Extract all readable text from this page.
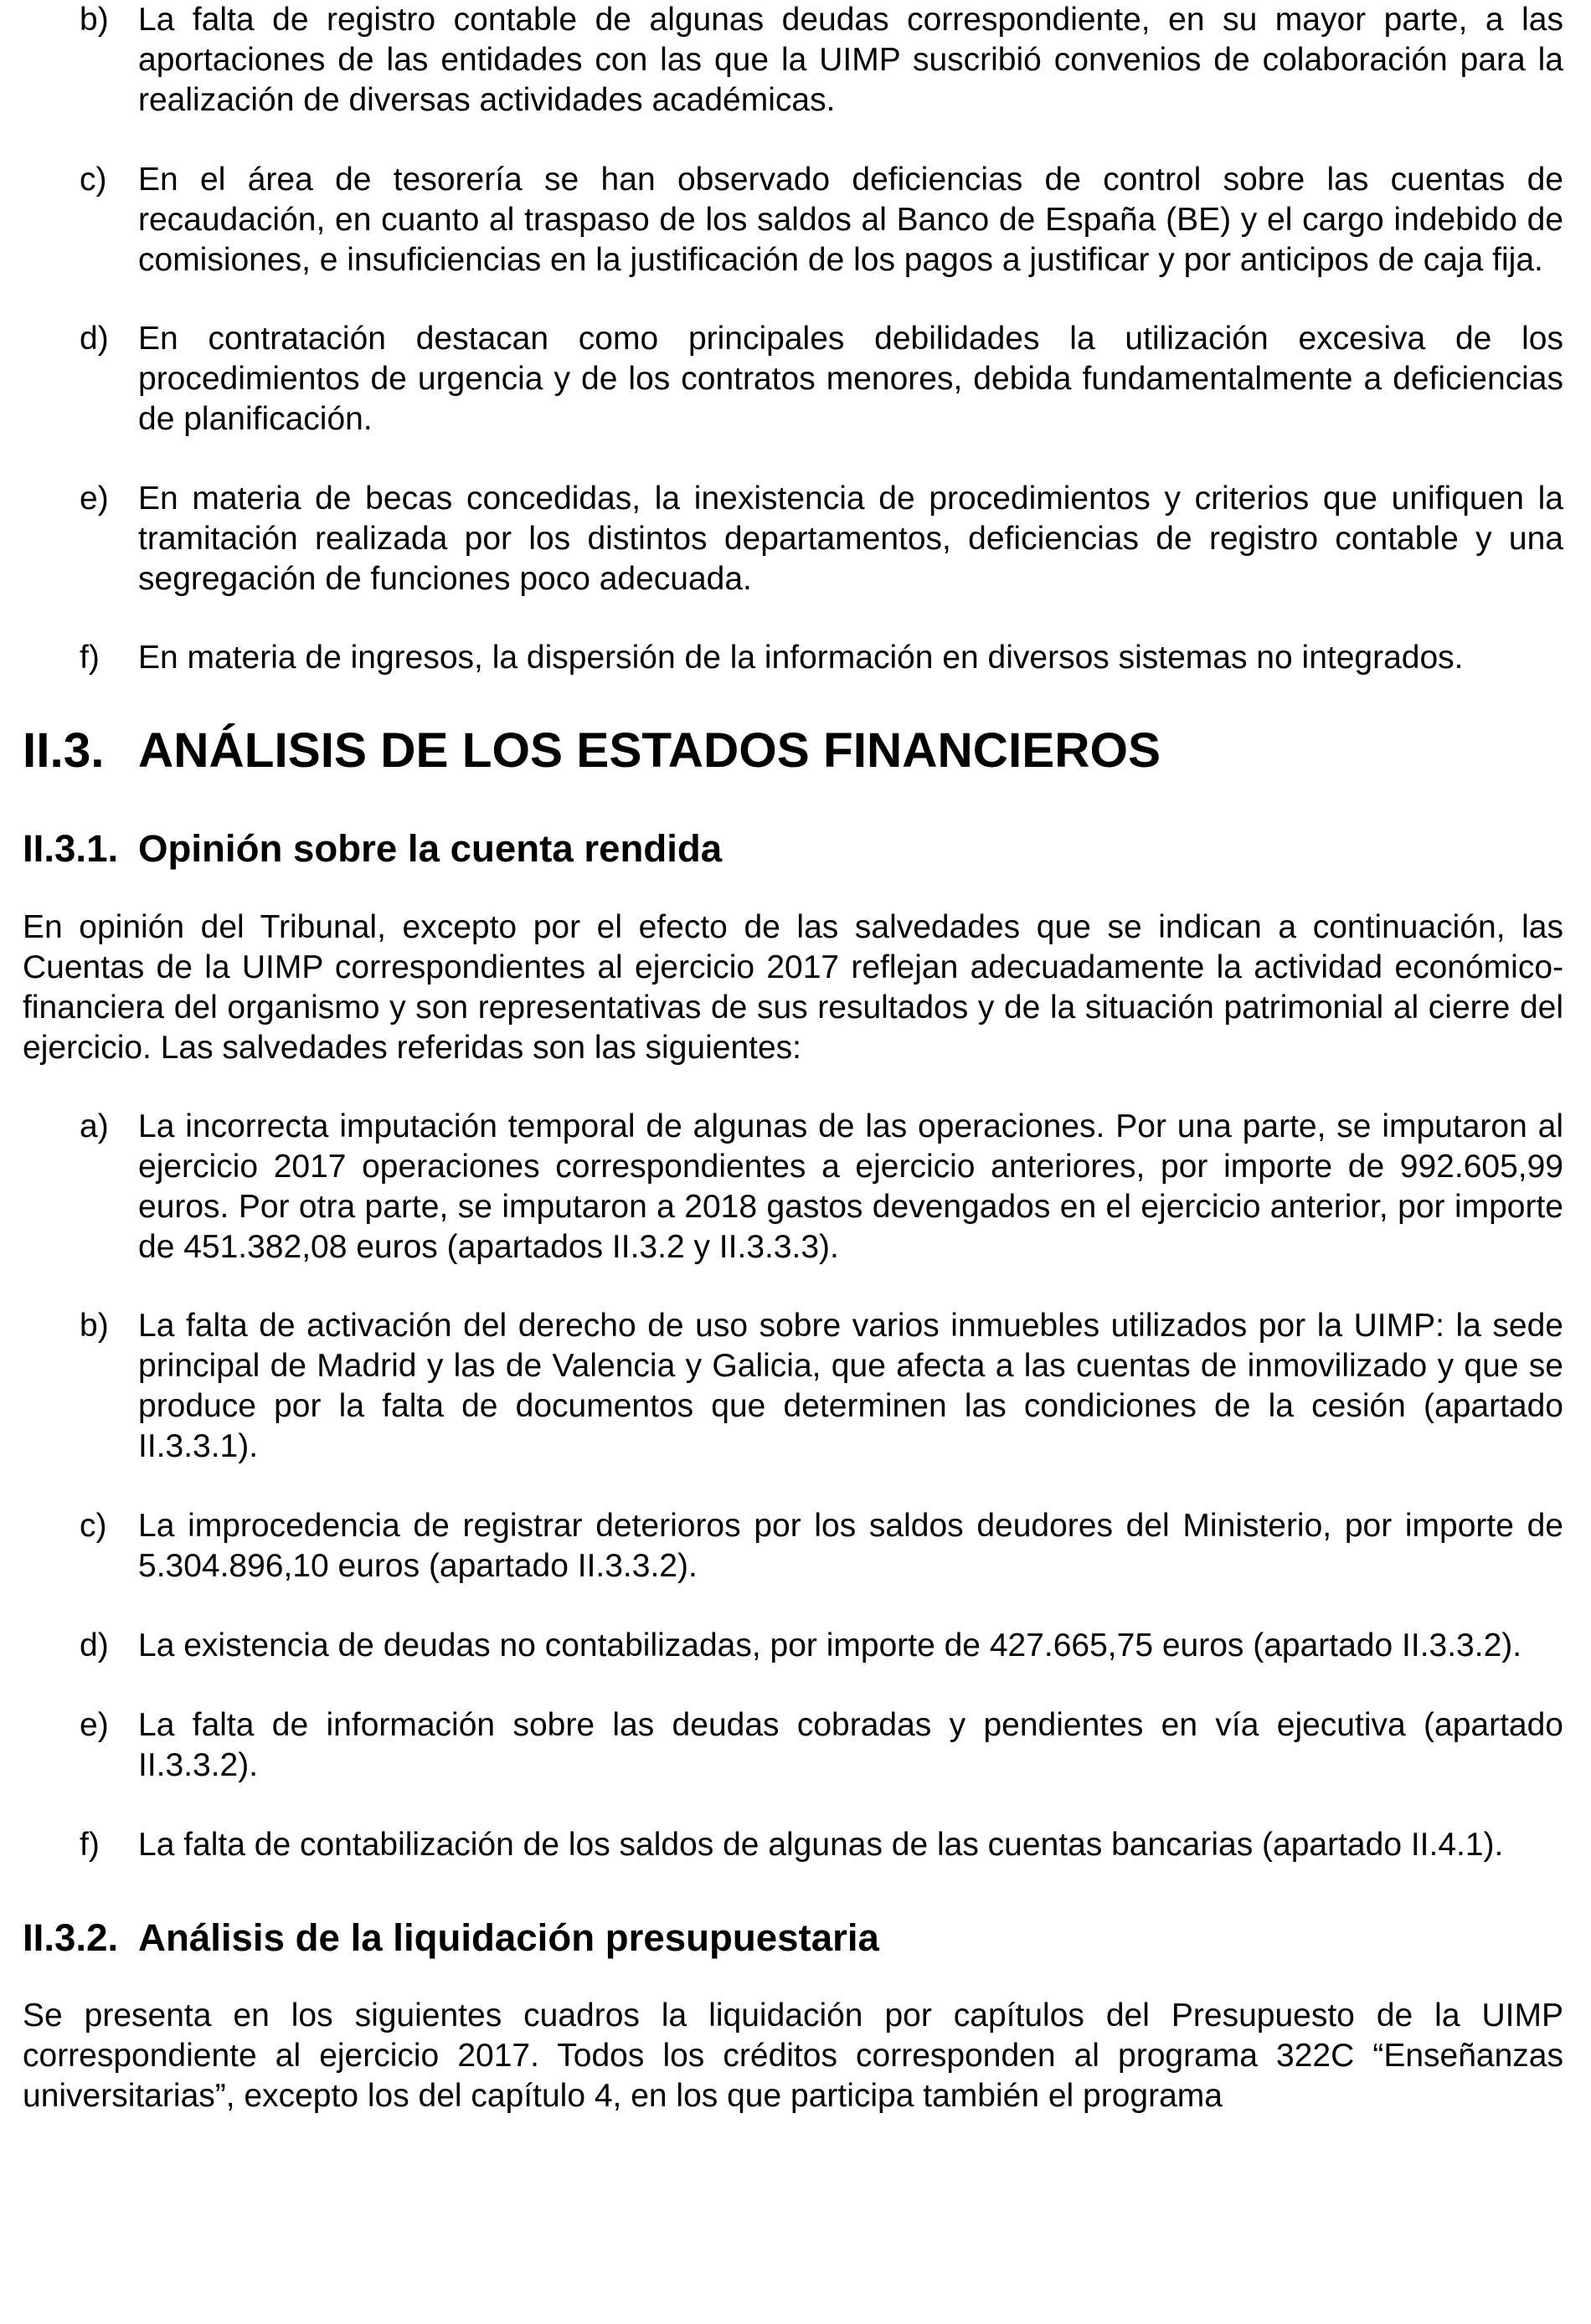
b) La falta de registro contable de algunas deudas correspondiente, en su mayor parte, a las aportaciones de las entidades con las que la UIMP suscribió convenios de colaboración para la realización de diversas actividades académicas.
c) En el área de tesorería se han observado deficiencias de control sobre las cuentas de recaudación, en cuanto al traspaso de los saldos al Banco de España (BE) y el cargo indebido de comisiones, e insuficiencias en la justificación de los pagos a justificar y por anticipos de caja fija.
d) En contratación destacan como principales debilidades la utilización excesiva de los procedimientos de urgencia y de los contratos menores, debida fundamentalmente a deficiencias de planificación.
e) En materia de becas concedidas, la inexistencia de procedimientos y criterios que unifiquen la tramitación realizada por los distintos departamentos, deficiencias de registro contable y una segregación de funciones poco adecuada.
f) En materia de ingresos, la dispersión de la información en diversos sistemas no integrados.
II.3. ANÁLISIS DE LOS ESTADOS FINANCIEROS
II.3.1. Opinión sobre la cuenta rendida

En opinión del Tribunal, excepto por el efecto de las salvedades que se indican a continuación, las Cuentas de la UIMP correspondientes al ejercicio 2017 reflejan adecuadamente la actividad económico-financiera del organismo y son representativas de sus resultados y de la situación patrimonial al cierre del ejercicio. Las salvedades referidas son las siguientes:

a) La incorrecta imputación temporal de algunas de las operaciones. Por una parte, se imputaron al ejercicio 2017 operaciones correspondientes a ejercicio anteriores, por importe de 992.605,99 euros. Por otra parte, se imputaron a 2018 gastos devengados en el ejercicio anterior, por importe de 451.382,08 euros (apartados II.3.2 y II.3.3.3).
b) La falta de activación del derecho de uso sobre varios inmuebles utilizados por la UIMP: la sede principal de Madrid y las de Valencia y Galicia, que afecta a las cuentas de inmovilizado y que se produce por la falta de documentos que determinen las condiciones de la cesión (apartado II.3.3.1).
c) La improcedencia de registrar deterioros por los saldos deudores del Ministerio, por importe de 5.304.896,10 euros (apartado II.3.3.2).
d) La existencia de deudas no contabilizadas, por importe de 427.665,75 euros (apartado II.3.3.2).
e) La falta de información sobre las deudas cobradas y pendientes en vía ejecutiva (apartado II.3.3.2).
f) La falta de contabilización de los saldos de algunas de las cuentas bancarias (apartado II.4.1).
II.3.2. Análisis de la liquidación presupuestaria

Se presenta en los siguientes cuadros la liquidación por capítulos del Presupuesto de la UIMP correspondiente al ejercicio 2017. Todos los créditos corresponden al programa 322C “Enseñanzas universitarias”, excepto los del capítulo 4, en los que participa también el programa
